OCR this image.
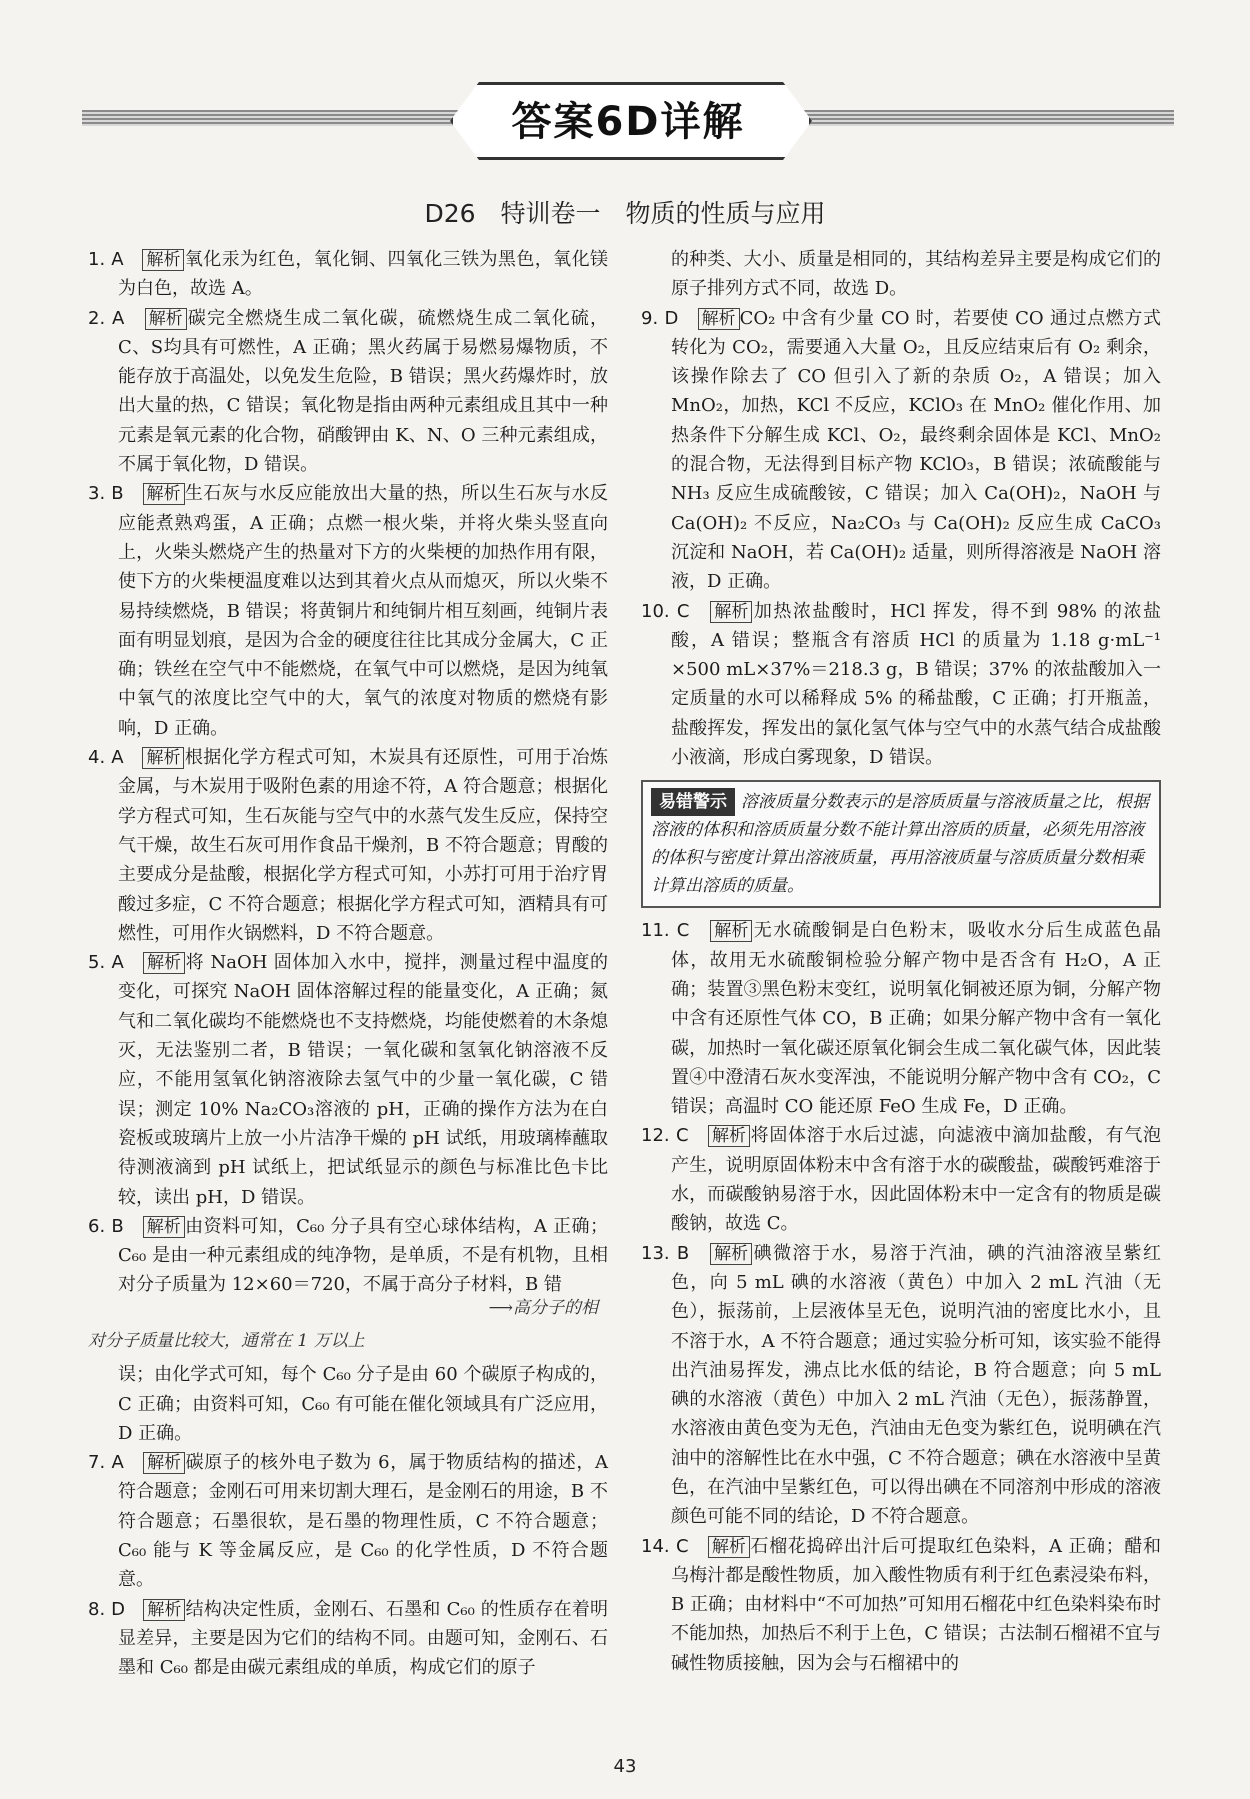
答案6D详解
D26　特训卷一　物质的性质与应用

1. A　 解析 氧化汞为红色，氧化铜、四氧化三铁为黑色，氧化镁为白色，故选 A。

2. A　 解析 碳完全燃烧生成二氧化碳，硫燃烧生成二氧化硫，C、S均具有可燃性，A 正确；黑火药属于易燃易爆物质，不能存放于高温处，以免发生危险，B 错误；黑火药爆炸时，放出大量的热，C 错误；氧化物是指由两种元素组成且其中一种元素是氧元素的化合物，硝酸钾由 K、N、O 三种元素组成，不属于氧化物，D 错误。

3. B　 解析 生石灰与水反应能放出大量的热，所以生石灰与水反应能煮熟鸡蛋，A 正确；点燃一根火柴，并将火柴头竖直向上，火柴头燃烧产生的热量对下方的火柴梗的加热作用有限，使下方的火柴梗温度难以达到其着火点从而熄灭，所以火柴不易持续燃烧，B 错误；将黄铜片和纯铜片相互刻画，纯铜片表面有明显划痕，是因为合金的硬度往往比其成分金属大，C 正确；铁丝在空气中不能燃烧，在氧气中可以燃烧，是因为纯氧中氧气的浓度比空气中的大，氧气的浓度对物质的燃烧有影响，D 正确。

4. A　 解析 根据化学方程式可知，木炭具有还原性，可用于冶炼金属，与木炭用于吸附色素的用途不符，A 符合题意；根据化学方程式可知，生石灰能与空气中的水蒸气发生反应，保持空气干燥，故生石灰可用作食品干燥剂，B 不符合题意；胃酸的主要成分是盐酸，根据化学方程式可知，小苏打可用于治疗胃酸过多症，C 不符合题意；根据化学方程式可知，酒精具有可燃性，可用作火锅燃料，D 不符合题意。

5. A　 解析 将 NaOH 固体加入水中，搅拌，测量过程中温度的变化，可探究 NaOH 固体溶解过程的能量变化，A 正确；氮气和二氧化碳均不能燃烧也不支持燃烧，均能使燃着的木条熄灭，无法鉴别二者，B 错误；一氧化碳和氢氧化钠溶液不反应，不能用氢氧化钠溶液除去氢气中的少量一氧化碳，C 错误；测定 10% Na₂CO₃溶液的 pH，正确的操作方法为在白瓷板或玻璃片上放一小片洁净干燥的 pH 试纸，用玻璃棒蘸取待测液滴到 pH 试纸上，把试纸显示的颜色与标准比色卡比较，读出 pH，D 错误。

6. B　 解析 由资料可知，C₆₀ 分子具有空心球体结构，A 正确；C₆₀ 是由一种元素组成的纯净物，是单质，不是有机物，且相对分子质量为 12×60＝720，不属于高分子材料，B 错

⟶高分子的相
对分子质量比较大，通常在 1 万以上

误；由化学式可知，每个 C₆₀ 分子是由 60 个碳原子构成的，C 正确；由资料可知，C₆₀ 有可能在催化领域具有广泛应用，D 正确。

7. A　 解析 碳原子的核外电子数为 6，属于物质结构的描述，A 符合题意；金刚石可用来切割大理石，是金刚石的用途，B 不符合题意；石墨很软，是石墨的物理性质，C 不符合题意；C₆₀ 能与 K 等金属反应，是 C₆₀ 的化学性质，D 不符合题意。

8. D　 解析 结构决定性质，金刚石、石墨和 C₆₀ 的性质存在着明显差异，主要是因为它们的结构不同。由题可知，金刚石、石墨和 C₆₀ 都是由碳元素组成的单质，构成它们的原子

的种类、大小、质量是相同的，其结构差异主要是构成它们的原子排列方式不同，故选 D。

9. D　 解析 CO₂ 中含有少量 CO 时，若要使 CO 通过点燃方式转化为 CO₂，需要通入大量 O₂，且反应结束后有 O₂ 剩余，该操作除去了 CO 但引入了新的杂质 O₂，A 错误；加入 MnO₂，加热，KCl 不反应，KClO₃ 在 MnO₂ 催化作用、加热条件下分解生成 KCl、O₂，最终剩余固体是 KCl、MnO₂ 的混合物，无法得到目标产物 KClO₃，B 错误；浓硫酸能与 NH₃ 反应生成硫酸铵，C 错误；加入 Ca(OH)₂，NaOH 与 Ca(OH)₂ 不反应，Na₂CO₃ 与 Ca(OH)₂ 反应生成 CaCO₃ 沉淀和 NaOH，若 Ca(OH)₂ 适量，则所得溶液是 NaOH 溶液，D 正确。

10. C　 解析 加热浓盐酸时，HCl 挥发，得不到 98% 的浓盐酸，A 错误；整瓶含有溶质 HCl 的质量为 1.18 g·mL⁻¹ ×500 mL×37%＝218.3 g，B 错误；37% 的浓盐酸加入一定质量的水可以稀释成 5% 的稀盐酸，C 正确；打开瓶盖，盐酸挥发，挥发出的氯化氢气体与空气中的水蒸气结合成盐酸小液滴，形成白雾现象，D 错误。

易错警示 溶液质量分数表示的是溶质质量与溶液质量之比，根据溶液的体积和溶质质量分数不能计算出溶质的质量，必须先用溶液的体积与密度计算出溶液质量，再用溶液质量与溶质质量分数相乘计算出溶质的质量。

11. C　 解析 无水硫酸铜是白色粉末，吸收水分后生成蓝色晶体，故用无水硫酸铜检验分解产物中是否含有 H₂O，A 正确；装置③黑色粉末变红，说明氧化铜被还原为铜，分解产物中含有还原性气体 CO，B 正确；如果分解产物中含有一氧化碳，加热时一氧化碳还原氧化铜会生成二氧化碳气体，因此装置④中澄清石灰水变浑浊，不能说明分解产物中含有 CO₂，C 错误；高温时 CO 能还原 FeO 生成 Fe，D 正确。

12. C　 解析 将固体溶于水后过滤，向滤液中滴加盐酸，有气泡产生，说明原固体粉末中含有溶于水的碳酸盐，碳酸钙难溶于水，而碳酸钠易溶于水，因此固体粉末中一定含有的物质是碳酸钠，故选 C。

13. B　 解析 碘微溶于水，易溶于汽油，碘的汽油溶液呈紫红色，向 5 mL 碘的水溶液（黄色）中加入 2 mL 汽油（无色），振荡前，上层液体呈无色，说明汽油的密度比水小，且不溶于水，A 不符合题意；通过实验分析可知，该实验不能得出汽油易挥发，沸点比水低的结论，B 符合题意；向 5 mL 碘的水溶液（黄色）中加入 2 mL 汽油（无色），振荡静置，水溶液由黄色变为无色，汽油由无色变为紫红色，说明碘在汽油中的溶解性比在水中强，C 不符合题意；碘在水溶液中呈黄色，在汽油中呈紫红色，可以得出碘在不同溶剂中形成的溶液颜色可能不同的结论，D 不符合题意。

14. C　 解析 石榴花捣碎出汁后可提取红色染料，A 正确；醋和乌梅汁都是酸性物质，加入酸性物质有利于红色素浸染布料，B 正确；由材料中“不可加热”可知用石榴花中红色染料染布时不能加热，加热后不利于上色，C 错误；古法制石榴裙不宜与碱性物质接触，因为会与石榴裙中的

43
